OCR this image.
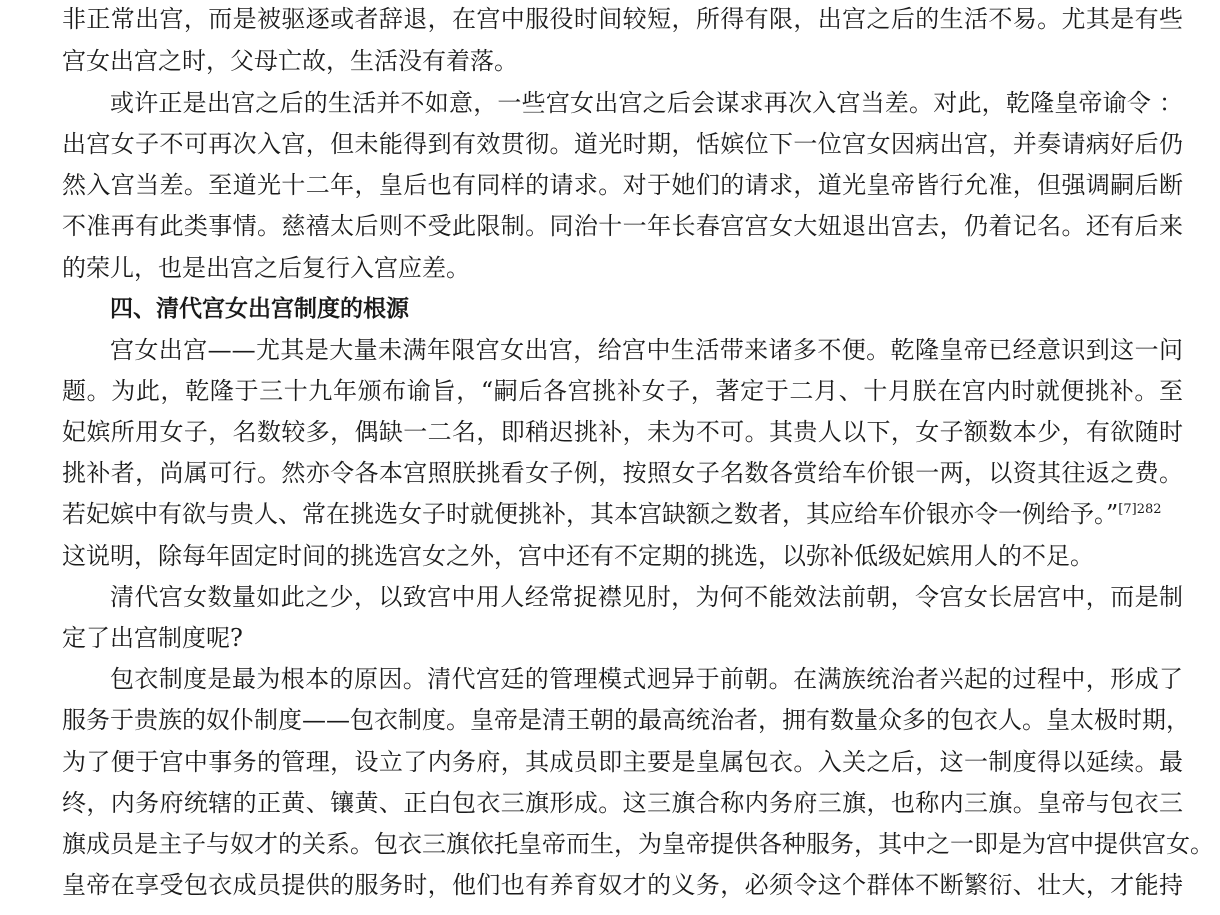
非正常出宫，而是被驱逐或者辞退，在宫中服役时间较短，所得有限，出宫之后的生活不易。尤其是有些
宫女出宫之时，父母亡故，生活没有着落。
或许正是出宫之后的生活并不如意，一些宫女出宫之后会谋求再次入宫当差。对此，乾隆皇帝谕令 ：
出宫女子不可再次入宫，但未能得到有效贯彻。道光时期，恬嫔位下一位宫女因病出宫，并奏请病好后仍
然入宫当差。至道光十二年，皇后也有同样的请求。对于她们的请求，道光皇帝皆行允准，但强调嗣后断
不准再有此类事情。慈禧太后则不受此限制。同治十一年长春宫宫女大妞退出宫去，仍着记名。还有后来
的荣儿，也是出宫之后复行入宫应差。
四、清代宫女出宫制度的根源
宫女出宫——尤其是大量未满年限宫女出宫，给宫中生活带来诸多不便。乾隆皇帝已经意识到这一问
题。为此，乾隆于三十九年颁布谕旨，“嗣后各宫挑补女子，著定于二月、十月朕在宫内时就便挑补。至
妃嫔所用女子，名数较多，偶缺一二名，即稍迟挑补，未为不可。其贵人以下，女子额数本少，有欲随时
挑补者，尚属可行。然亦令各本宫照朕挑看女子例，按照女子名数各赏给车价银一两，以资其往返之费。
若妃嫔中有欲与贵人、常在挑选女子时就便挑补，其本宫缺额之数者，其应给车价银亦令一例给予。”$^{[7]282}$
这说明，除每年固定时间的挑选宫女之外，宫中还有不定期的挑选，以弥补低级妃嫔用人的不足。
清代宫女数量如此之少，以致宫中用人经常捉襟见肘，为何不能效法前朝，令宫女长居宫中，而是制
定了出宫制度呢?
包衣制度是最为根本的原因。清代宫廷的管理模式迥异于前朝。在满族统治者兴起的过程中，形成了
服务于贵族的奴仆制度——包衣制度。皇帝是清王朝的最高统治者，拥有数量众多的包衣人。皇太极时期，
为了便于宫中事务的管理，设立了内务府，其成员即主要是皇属包衣。入关之后，这一制度得以延续。最
终，内务府统辖的正黄、镶黄、正白包衣三旗形成。这三旗合称内务府三旗，也称内三旗。皇帝与包衣三
旗成员是主子与奴才的关系。包衣三旗依托皇帝而生，为皇帝提供各种服务，其中之一即是为宫中提供宫女。
皇帝在享受包衣成员提供的服务时，他们也有养育奴才的义务，必须令这个群体不断繁衍、壮大，才能持
